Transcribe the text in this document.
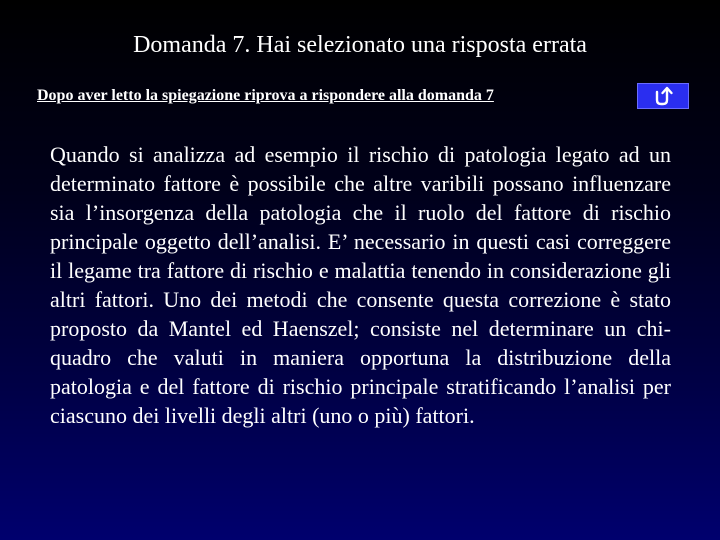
Domanda 7. Hai selezionato una risposta errata
Dopo aver letto la spiegazione riprova a rispondere alla domanda 7

Quando si analizza ad esempio il rischio di patologia legato ad un determinato fattore è possibile che altre varibili possano influenzare sia l’insorgenza della patologia che il ruolo del fattore di rischio principale oggetto dell’analisi. E’ necessario in questi casi correggere il legame tra fattore di rischio e malattia tenendo in considerazione gli altri fattori. Uno dei metodi che consente questa correzione è stato proposto da Mantel ed Haenszel; consiste nel determinare un chi-quadro che valuti in maniera opportuna la distribuzione della patologia e del fattore di rischio principale stratificando l’analisi per ciascuno dei livelli degli altri (uno o più) fattori.
